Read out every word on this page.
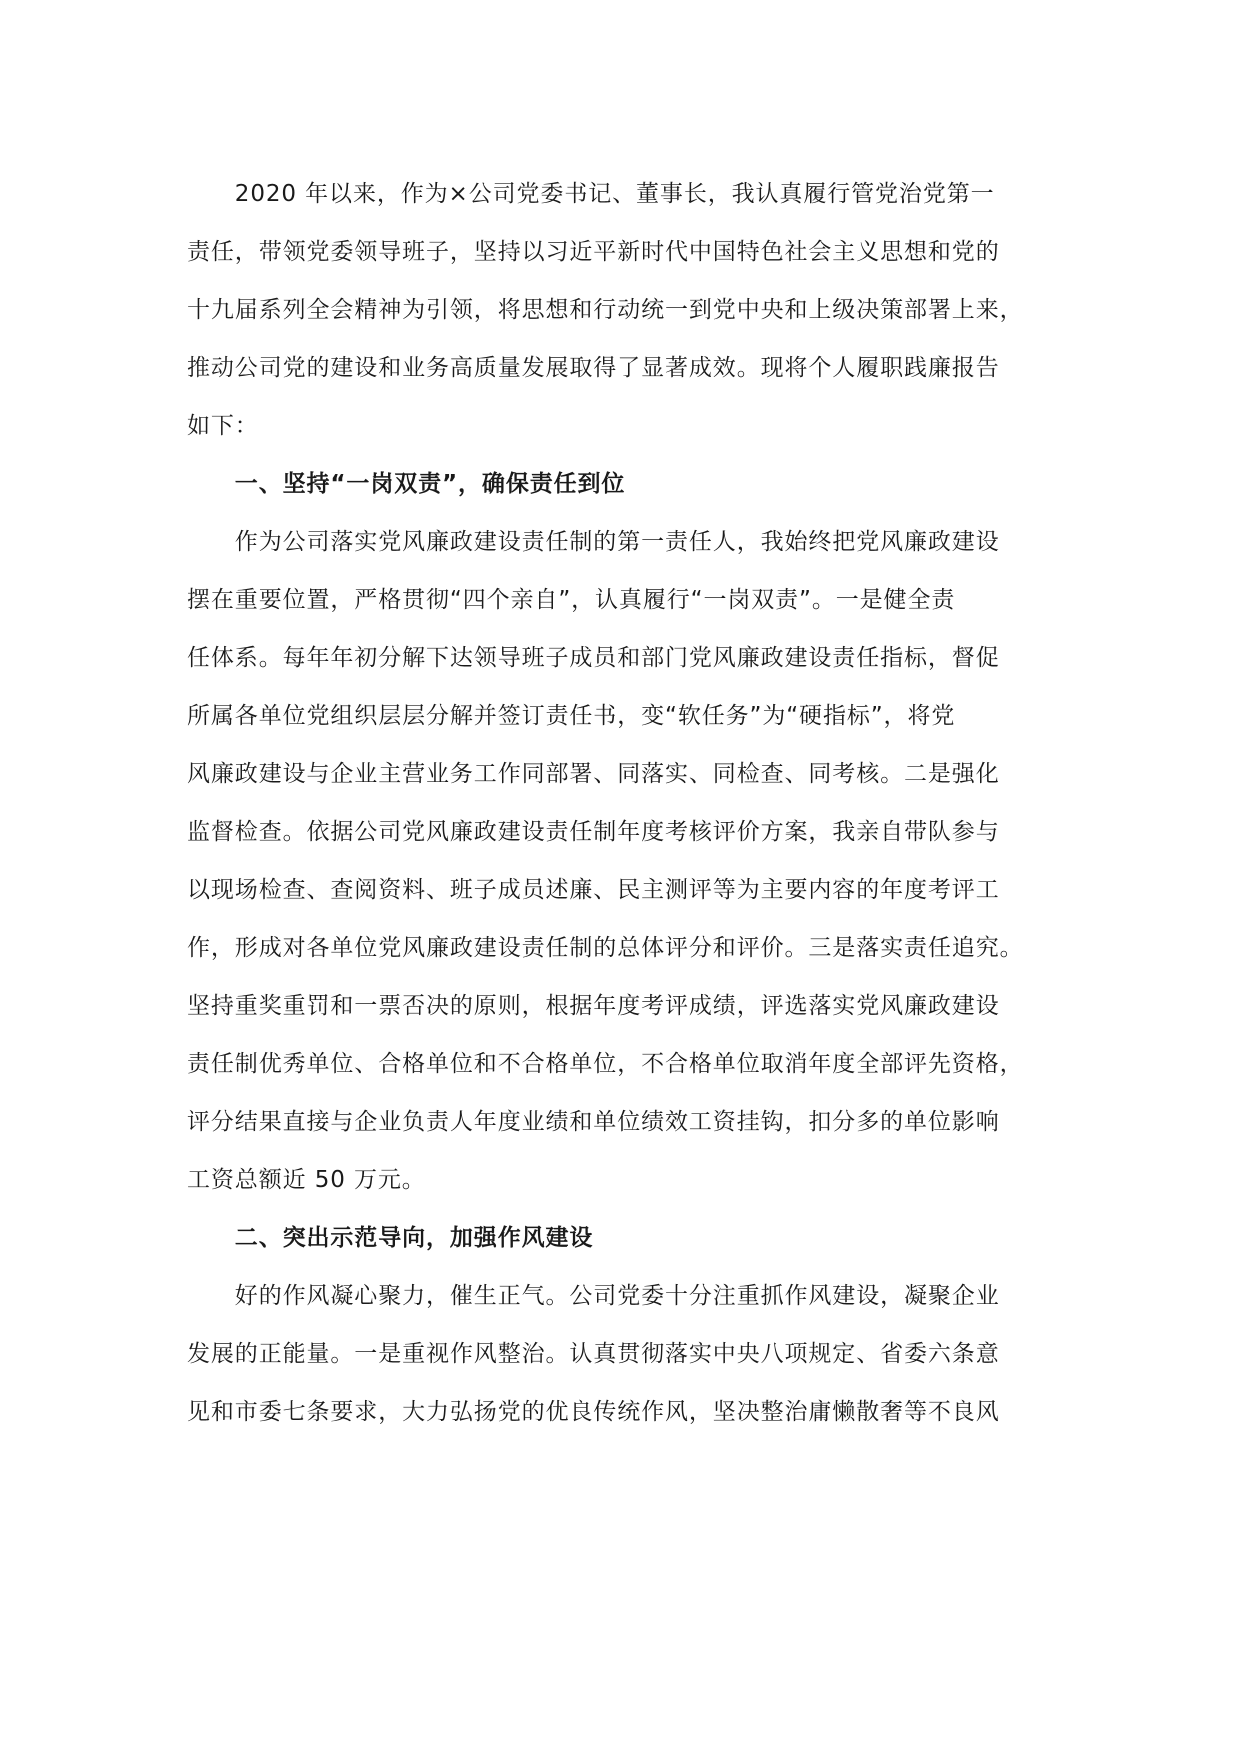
　　2020 年以来，作为×公司党委书记、董事长，我认真履行管党治党第一

责任，带领党委领导班子，坚持以习近平新时代中国特色社会主义思想和党的

十九届系列全会精神为引领，将思想和行动统一到党中央和上级决策部署上来，

推动公司党的建设和业务高质量发展取得了显著成效。现将个人履职践廉报告

如下：

　　一、坚持“一岗双责”，确保责任到位

　　作为公司落实党风廉政建设责任制的第一责任人，我始终把党风廉政建设

摆在重要位置，严格贯彻“四个亲自”，认真履行“一岗双责”。一是健全责

任体系。每年年初分解下达领导班子成员和部门党风廉政建设责任指标，督促

所属各单位党组织层层分解并签订责任书，变“软任务”为“硬指标”，将党

风廉政建设与企业主营业务工作同部署、同落实、同检查、同考核。二是强化

监督检查。依据公司党风廉政建设责任制年度考核评价方案，我亲自带队参与

以现场检查、查阅资料、班子成员述廉、民主测评等为主要内容的年度考评工

作，形成对各单位党风廉政建设责任制的总体评分和评价。三是落实责任追究。

坚持重奖重罚和一票否决的原则，根据年度考评成绩，评选落实党风廉政建设

责任制优秀单位、合格单位和不合格单位，不合格单位取消年度全部评先资格，

评分结果直接与企业负责人年度业绩和单位绩效工资挂钩，扣分多的单位影响

工资总额近 50 万元。

　　二、突出示范导向，加强作风建设

　　好的作风凝心聚力，催生正气。公司党委十分注重抓作风建设，凝聚企业

发展的正能量。一是重视作风整治。认真贯彻落实中央八项规定、省委六条意

见和市委七条要求，大力弘扬党的优良传统作风，坚决整治庸懒散奢等不良风
